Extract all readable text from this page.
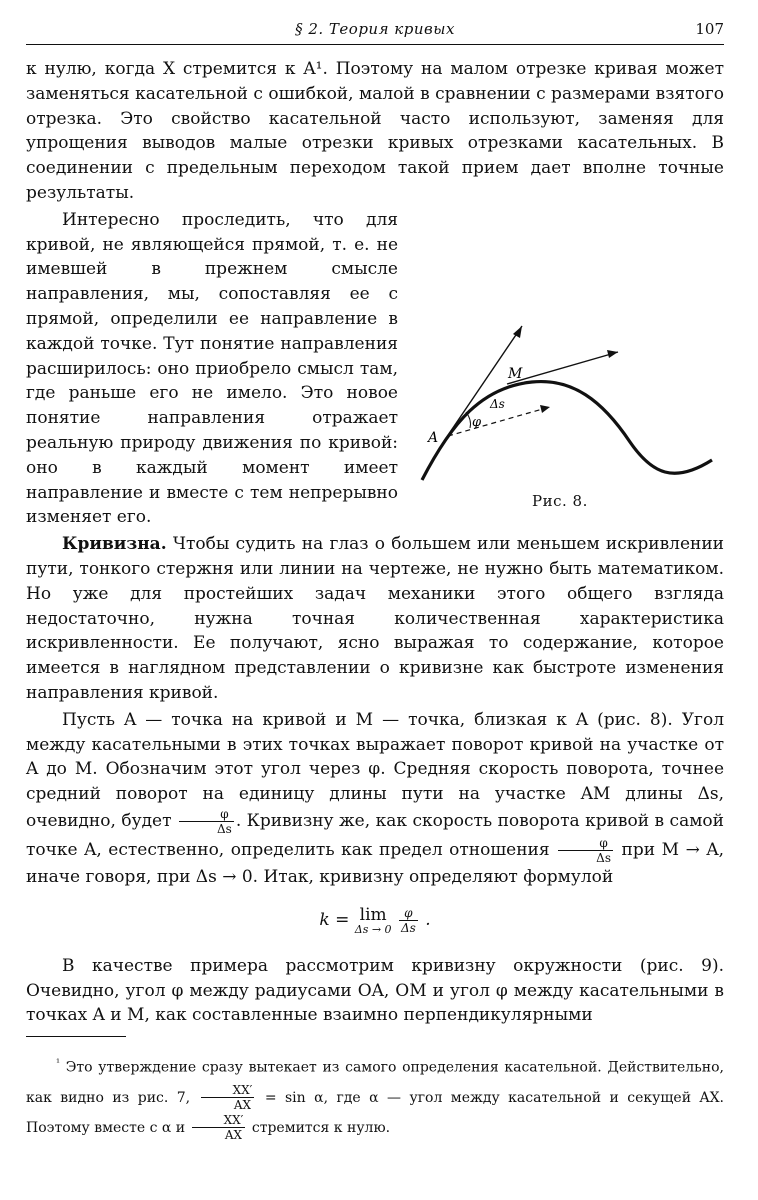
§ 2. Теория кривых	107

к нулю, когда X стремится к A¹. Поэтому на малом отрезке кривая может заменяться касательной с ошибкой, малой в сравнении с размерами взятого отрезка. Это свойство касательной часто используют, заменяя для упрощения выводов малые отрезки кривых отрезками касательных. В соединении с предельным переходом такой прием дает вполне точные результаты.

Интересно проследить, что для кривой, не являющейся прямой, т. е. не имевшей в прежнем смысле направления, мы, сопоставляя ее с прямой, определили ее направление в каждой точке. Тут понятие направления расширилось: оно приобрело смысл там, где раньше его не имело. Это новое понятие направления отражает реальную природу движения по кривой: оно в каждый момент имеет направление и вместе с тем непрерывно изменяет его.

Кривизна. Чтобы судить на глаз о большем или меньшем искривлении пути, тонкого стержня или линии на чертеже, не нужно быть математиком. Но уже для простейших задач механики этого общего взгляда недостаточно, нужна точная количественная характеристика искривленности. Ее получают, ясно выражая то содержание, которое имеется в наглядном представлении о кривизне как быстроте изменения направления кривой.

Пусть A — точка на кривой и M — точка, близкая к A (рис. 8). Угол между касательными в этих точках выражает поворот кривой на участке от A до M. Обозначим этот угол через φ. Средняя скорость поворота, точнее средний поворот на единицу длины пути на участке AM длины Δs, очевидно, будет $\frac{\varphi}{\Delta s}$ . Кривизну же, как скорость поворота кривой в самой точке A, естественно, определить как предел отношения $\frac{\varphi}{\Delta s}$ при M → A, иначе говоря, при Δs → 0. Итак, кривизну определяют формулой

k = lim
Δs → 0
$\frac{\varphi}{\Delta s}$ .

В качестве примера рассмотрим кривизну окружности (рис. 9). Очевидно, угол φ между радиусами OA, OM и угол φ между касательными в точках A и M, как составленные взаимно перпендикулярными

$^{^1}$ Это утверждение сразу вытекает из самого определения касательной. Действительно, как видно из рис. 7, $\frac{XX'}{AX} = \sin \alpha$, где α — угол между касательной и секущей AX. Поэтому вместе с α и $\frac{XX'}{AX}$ стремится к нулю.

A
M
φ
Δs
Рис. 8.
